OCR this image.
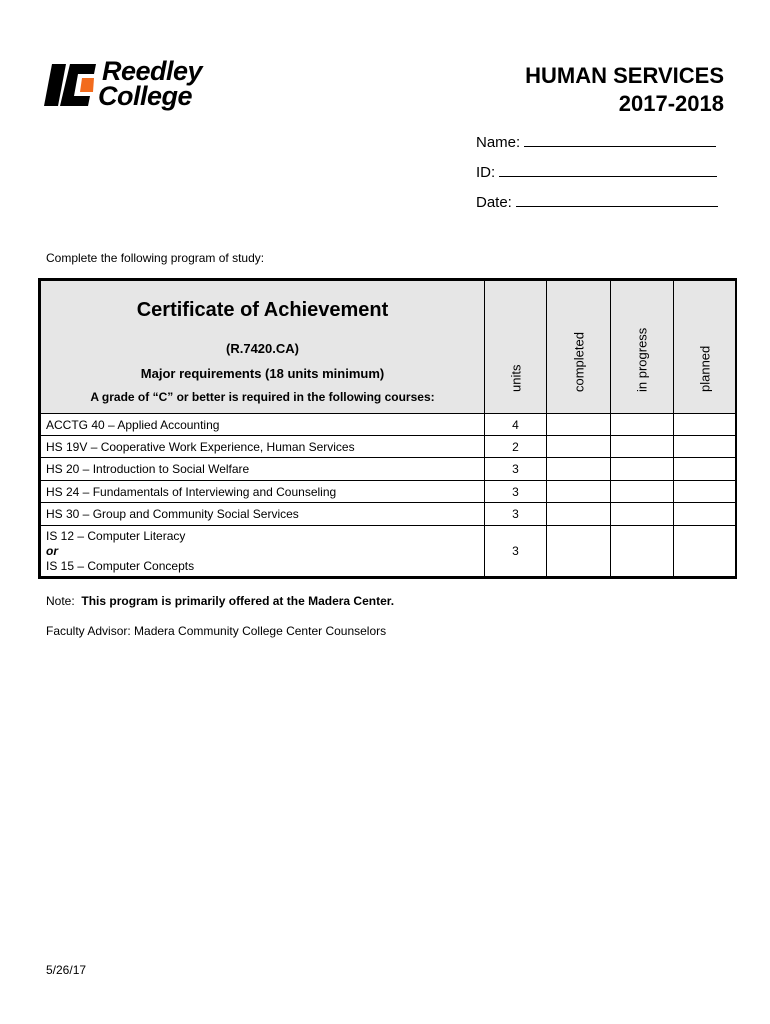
Reedley
College
HUMAN SERVICES
2017-2018
Name:
ID:
Date:
Complete the following program of study:
Certificate of Achievement
(R.7420.CA)
Major requirements (18 units minimum)
A grade of “C” or better is required in the following courses:	units	completed	in progress	planned

ACCTG 40 – Applied Accounting	4			
HS 19V – Cooperative Work Experience, Human Services	2			
HS 20 – Introduction to Social Welfare	3			
HS 24 – Fundamentals of Interviewing and Counseling	3			
HS 30 – Group and Community Social Services	3			

IS 12 – Computer Literacy
or
IS 15 – Computer Concepts	3			
Note: This program is primarily offered at the Madera Center.
Faculty Advisor: Madera Community College Center Counselors
5/26/17
